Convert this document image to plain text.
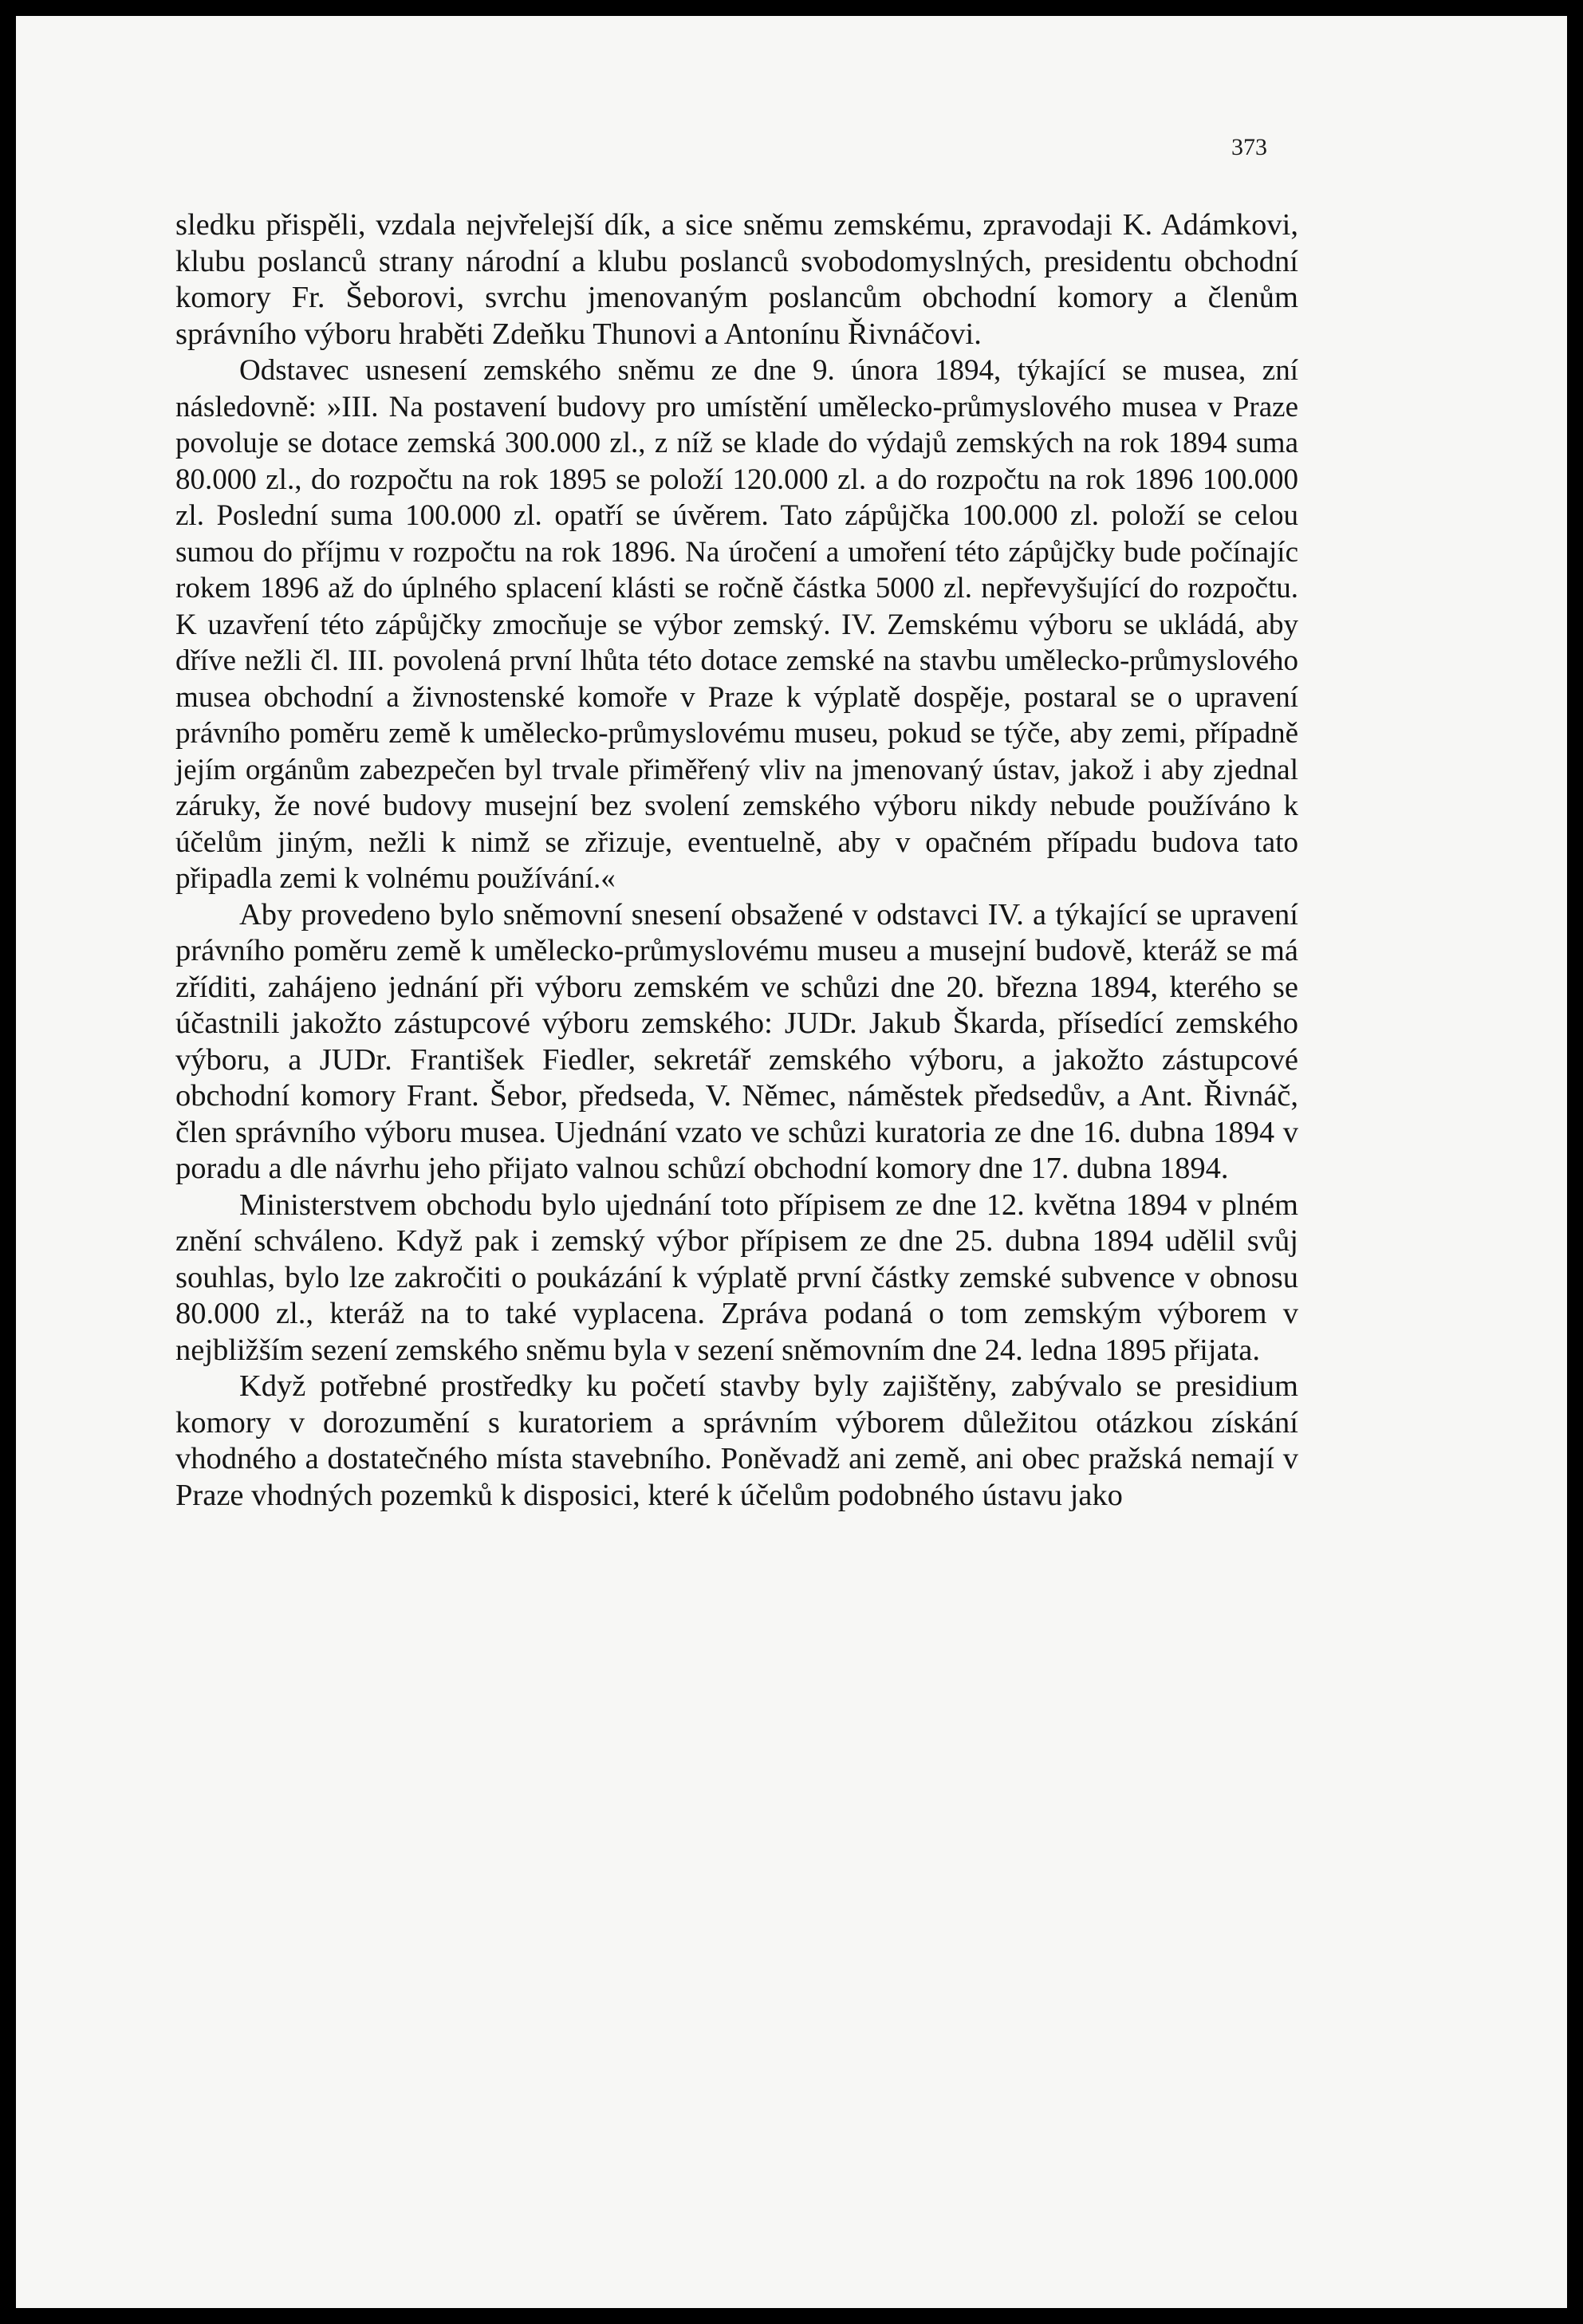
373

sledku přispěli, vzdala nejvřelejší dík, a sice sněmu zemskému, zpravodaji K. Adámkovi, klubu poslanců strany národní a klubu poslanců svobodomyslných, presidentu obchodní komory Fr. Šeborovi, svrchu jmenovaným poslancům obchodní komory a členům správního výboru hraběti Zdeňku Thunovi a Antonínu Řivnáčovi.

Odstavec usnesení zemského sněmu ze dne 9. února 1894, týkající se musea, zní následovně: »III. Na postavení budovy pro umístění umělecko-průmyslového musea v Praze povoluje se dotace zemská 300.000 zl., z níž se klade do výdajů zemských na rok 1894 suma 80.000 zl., do rozpočtu na rok 1895 se položí 120.000 zl. a do rozpočtu na rok 1896 100.000 zl. Poslední suma 100.000 zl. opatří se úvěrem. Tato zápůjčka 100.000 zl. položí se celou sumou do příjmu v rozpočtu na rok 1896. Na úročení a umoření této zápůjčky bude počínajíc rokem 1896 až do úplného splacení klásti se ročně částka 5000 zl. nepřevyšující do rozpočtu. K uzavření této zápůjčky zmocňuje se výbor zemský. IV. Zemskému výboru se ukládá, aby dříve nežli čl. III. povolená první lhůta této dotace zemské na stavbu umělecko-průmyslového musea obchodní a živnostenské komoře v Praze k výplatě dospěje, postaral se o upravení právního poměru země k umělecko-průmyslovému museu, pokud se týče, aby zemi, případně jejím orgánům zabezpečen byl trvale přiměřený vliv na jmenovaný ústav, jakož i aby zjednal záruky, že nové budovy musejní bez svolení zemského výboru nikdy nebude používáno k účelům jiným, nežli k nimž se zřizuje, eventuelně, aby v opačném případu budova tato připadla zemi k volnému používání.«

Aby provedeno bylo sněmovní snesení obsažené v odstavci IV. a týkající se upravení právního poměru země k umělecko-průmyslovému museu a musejní budově, kteráž se má zříditi, zahájeno jednání při výboru zemském ve schůzi dne 20. března 1894, kterého se účastnili jakožto zástupcové výboru zemského: JUDr. Jakub Škarda, přísedící zemského výboru, a JUDr. František Fiedler, sekretář zemského výboru, a jakožto zástupcové obchodní komory Frant. Šebor, předseda, V. Němec, náměstek předsedův, a Ant. Řivnáč, člen správního výboru musea. Ujednání vzato ve schůzi kuratoria ze dne 16. dubna 1894 v poradu a dle návrhu jeho přijato valnou schůzí obchodní komory dne 17. dubna 1894.

Ministerstvem obchodu bylo ujednání toto přípisem ze dne 12. května 1894 v plném znění schváleno. Když pak i zemský výbor přípisem ze dne 25. dubna 1894 udělil svůj souhlas, bylo lze zakročiti o poukázání k výplatě první částky zemské subvence v obnosu 80.000 zl., kteráž na to také vyplacena. Zpráva podaná o tom zemským výborem v nejbližším sezení zemského sněmu byla v sezení sněmovním dne 24. ledna 1895 přijata.

Když potřebné prostředky ku početí stavby byly zajištěny, zabývalo se presidium komory v dorozumění s kuratoriem a správním výborem důležitou otázkou získání vhodného a dostatečného místa stavebního. Poněvadž ani země, ani obec pražská nemají v Praze vhodných pozemků k disposici, které k účelům podobného ústavu jako
